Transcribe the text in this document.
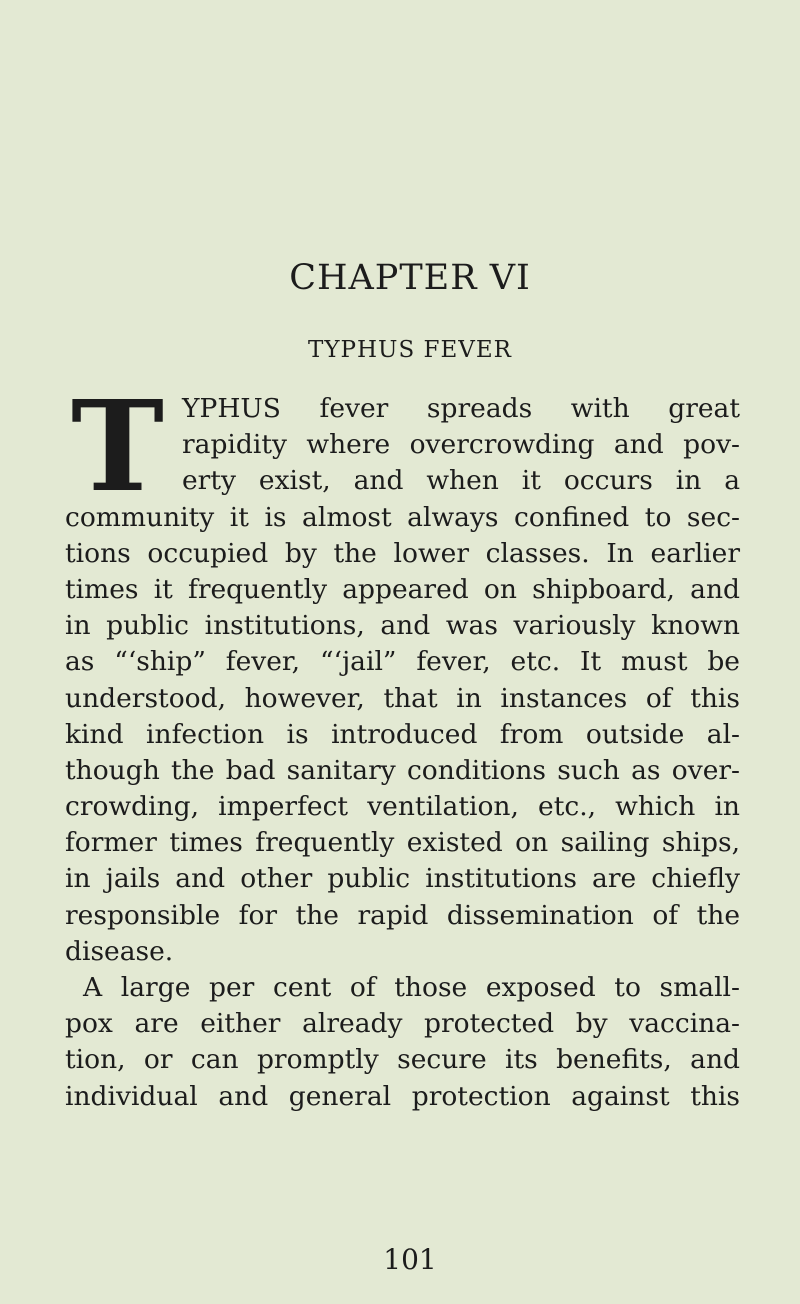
CHAPTER VI
TYPHUS FEVER
T YPHUS fever spreads with great
rapidity where overcrowding and pov-
erty exist, and when it occurs in a
community it is almost always confined to sec-
tions occupied by the lower classes. In earlier
times it frequently appeared on shipboard, and
in public institutions, and was variously known
as “‘ship” fever, “‘jail” fever, etc. It must be
understood, however, that in instances of this
kind infection is introduced from outside al-
though the bad sanitary conditions such as over-
crowding, imperfect ventilation, etc., which in
former times frequently existed on sailing ships,
in jails and other public institutions are chiefly
responsible for the rapid dissemination of the
disease.
A large per cent of those exposed to small-
pox are either already protected by vaccina-
tion, or can promptly secure its benefits, and
individual and general protection against this
101
